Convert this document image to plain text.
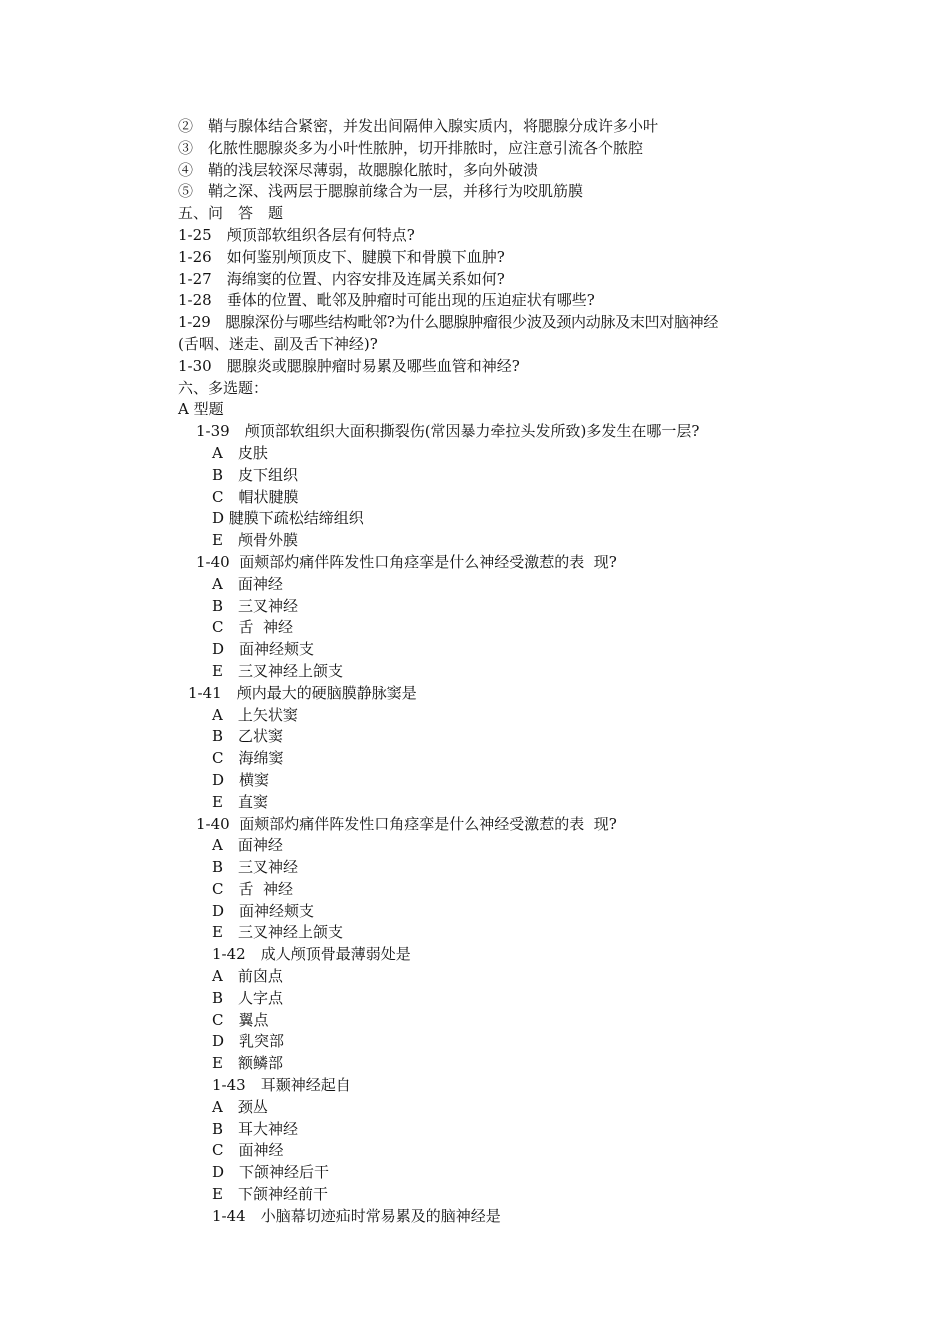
②　鞘与腺体结合紧密，并发出间隔伸入腺实质内，将腮腺分成许多小叶
③　化脓性腮腺炎多为小叶性脓肿，切开排脓时，应注意引流各个脓腔
④　鞘的浅层较深尽薄弱，故腮腺化脓时，多向外破溃
⑤　鞘之深、浅两层于腮腺前缘合为一层，并移行为咬肌筋膜
五、问　答　题
1-25　颅顶部软组织各层有何特点?
1-26　如何鉴别颅顶皮下、腱膜下和骨膜下血肿?
1-27　海绵窦的位置、内容安排及连属关系如何?
1-28　垂体的位置、毗邻及肿瘤时可能出现的压迫症状有哪些?
1-29　腮腺深份与哪些结构毗邻?为什么腮腺肿瘤很少波及颈内动脉及末凹对脑神经
(舌咽、迷走、副及舌下神经)?
1-30　腮腺炎或腮腺肿瘤时易累及哪些血管和神经?
六、多选题：
A 型题
1-39　颅顶部软组织大面积撕裂伤(常因暴力牵拉头发所致)多发生在哪一层?
A　皮肤
B　皮下组织
C　帽状腱膜
D 腱膜下疏松结缔组织
E　颅骨外膜
1-40  面颊部灼痛伴阵发性口角痉挛是什么神经受激惹的表  现?
A　面神经
B　三叉神经
C　舌  神经
D　面神经颊支
E　三叉神经上颌支
1-41　颅内最大的硬脑膜静脉窦是
A　上矢状窦
B　乙状窦
C　海绵窦
D　横窦
E　直窦
1-40  面颊部灼痛伴阵发性口角痉挛是什么神经受激惹的表  现?
A　面神经
B　三叉神经
C　舌  神经
D　面神经颊支
E　三叉神经上颌支
1-42　成人颅顶骨最薄弱处是
A　前囟点
B　人字点
C　翼点
D　乳突部
E　额鳞部
1-43　耳颞神经起自
A　颈丛
B　耳大神经
C　面神经
D　下颌神经后干
E　下颌神经前干
1-44　小脑幕切迹疝时常易累及的脑神经是
